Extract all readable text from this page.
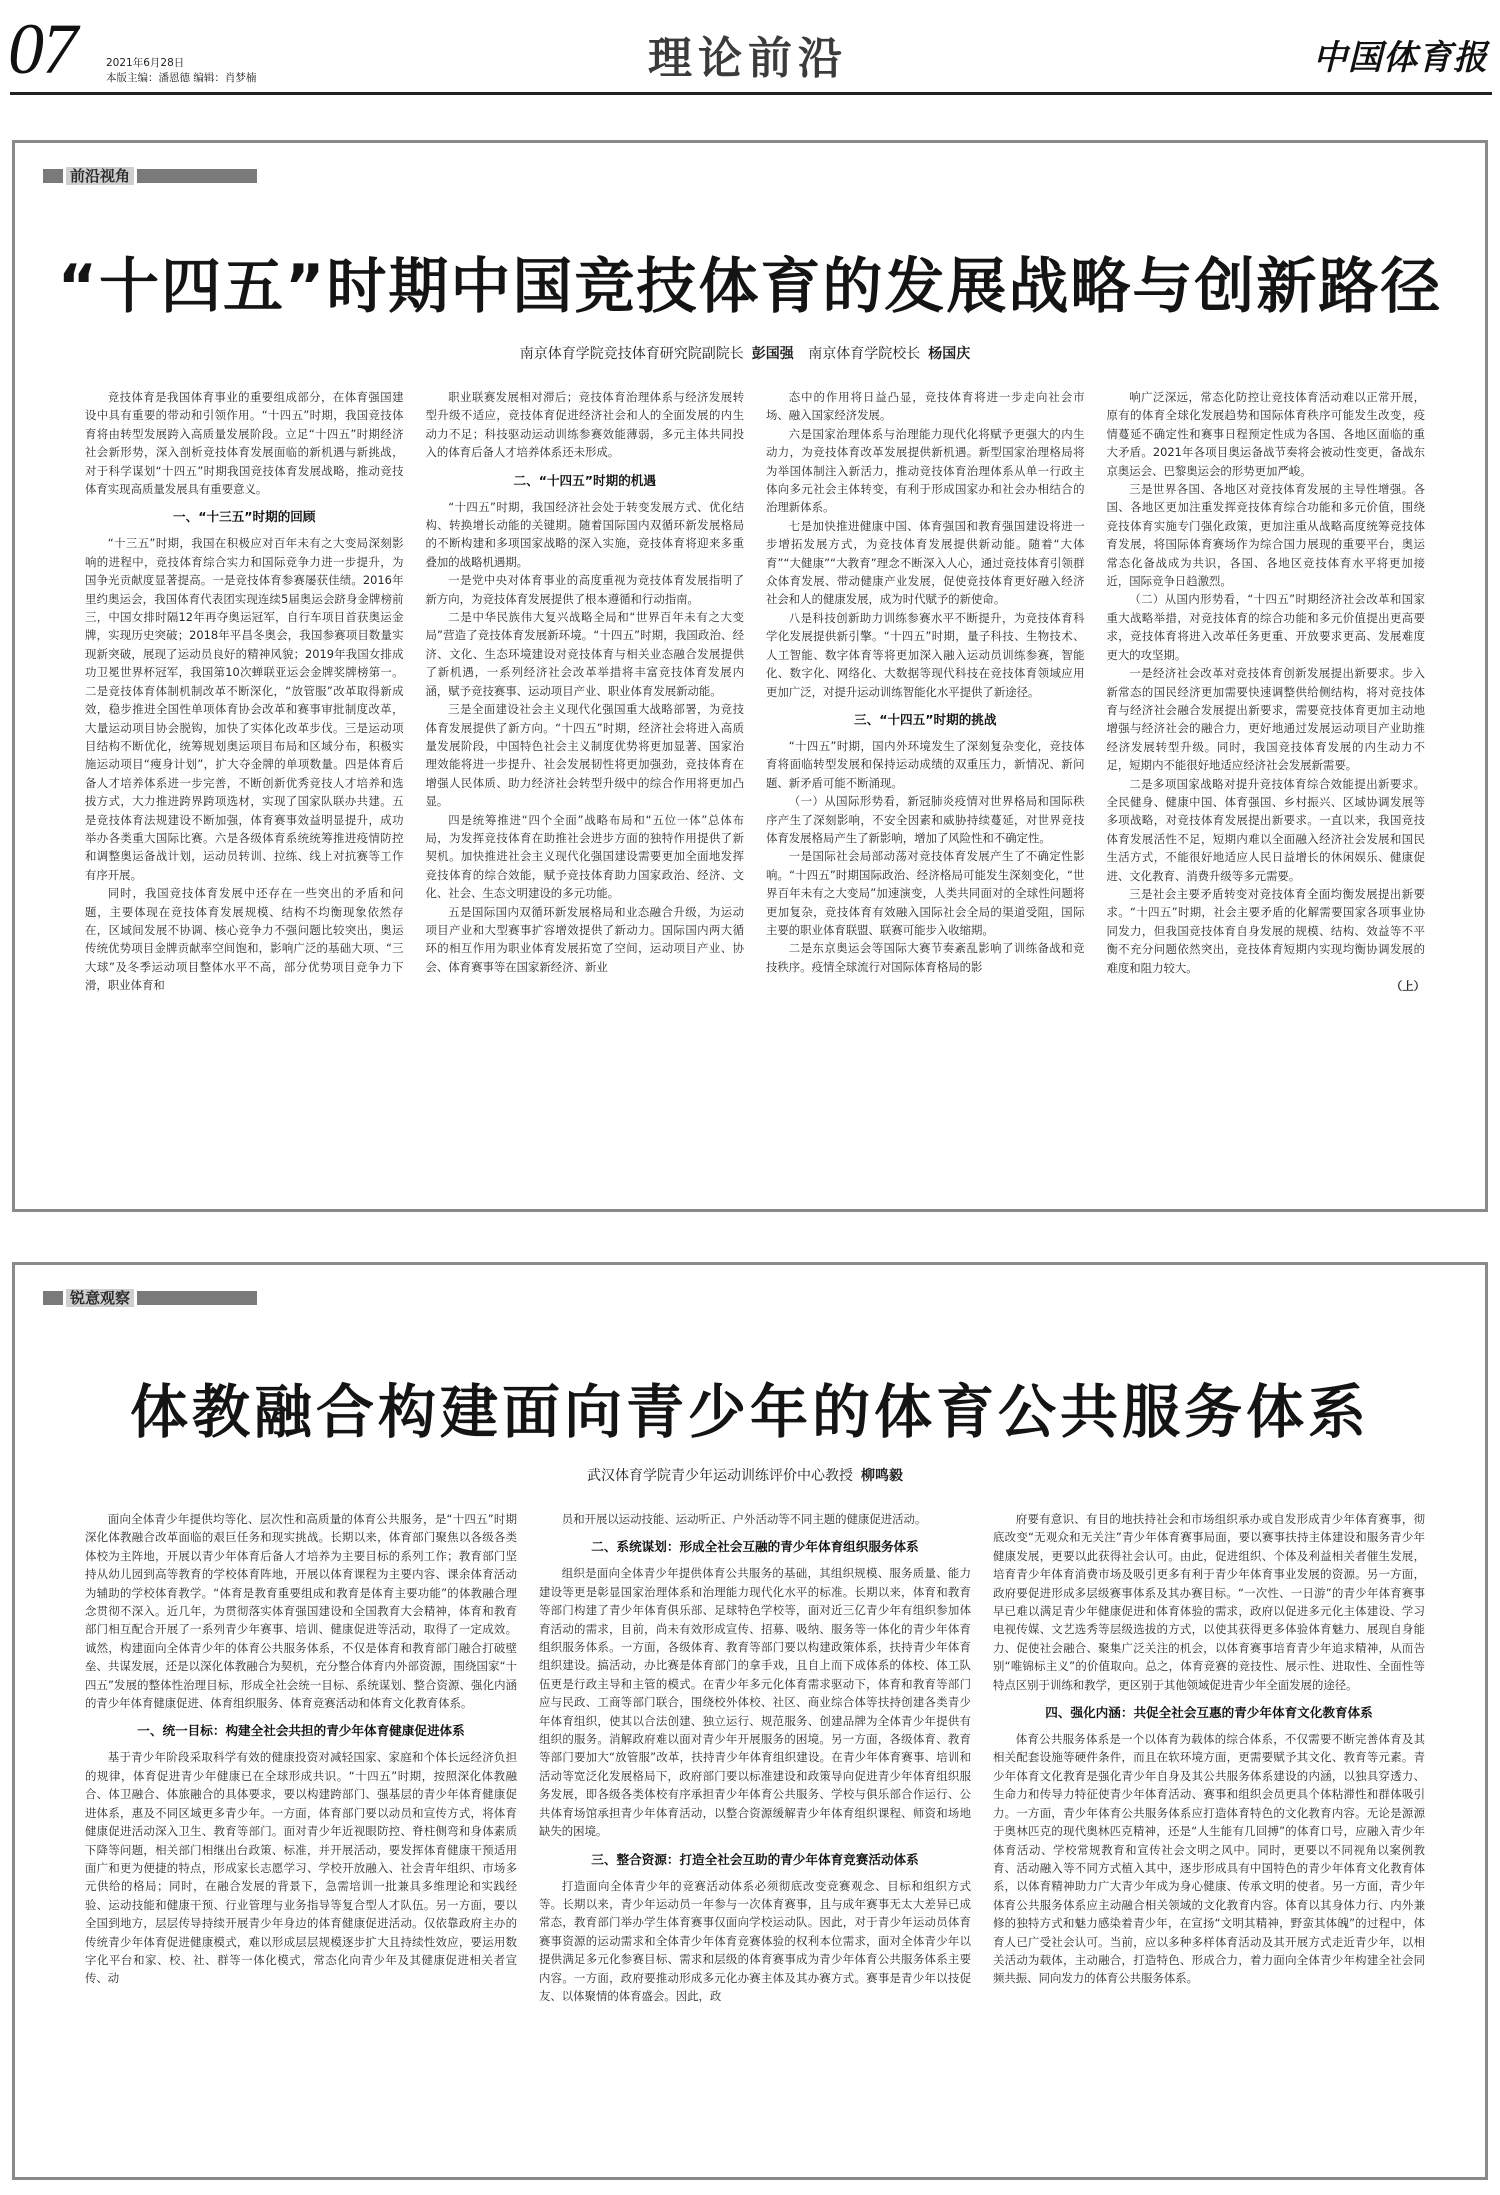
07	2021年6月28日
本版主编：潘恩德 编辑：肖梦楠	理论前沿	中国体育报
前沿视角
“十四五”时期中国竞技体育的发展战略与创新路径
南京体育学院竞技体育研究院副院长 彭国强 南京体育学院校长 杨国庆

竞技体育是我国体育事业的重要组成部分，在体育强国建设中具有重要的带动和引领作用。“十四五”时期，我国竞技体育将由转型发展跨入高质量发展阶段。立足“十四五”时期经济社会新形势，深入剖析竞技体育发展面临的新机遇与新挑战，对于科学谋划“十四五”时期我国竞技体育发展战略，推动竞技体育实现高质量发展具有重要意义。

一、“十三五”时期的回顾

“十三五”时期，我国在积极应对百年未有之大变局深刻影响的进程中，竞技体育综合实力和国际竞争力进一步提升，为国争光贡献度显著提高。一是竞技体育参赛屡获佳绩。2016年里约奥运会，我国体育代表团实现连续5届奥运会跻身金牌榜前三，中国女排时隔12年再夺奥运冠军，自行车项目首获奥运金牌，实现历史突破；2018年平昌冬奥会，我国参赛项目数量实现新突破，展现了运动员良好的精神风貌；2019年我国女排成功卫冕世界杯冠军，我国第10次蝉联亚运会金牌奖牌榜第一。二是竞技体育体制机制改革不断深化，“放管服”改革取得新成效，稳步推进全国性单项体育协会改革和赛事审批制度改革，大量运动项目协会脱钩，加快了实体化改革步伐。三是运动项目结构不断优化，统筹规划奥运项目布局和区域分布，积极实施运动项目“瘦身计划”，扩大夺金牌的单项数量。四是体育后备人才培养体系进一步完善，不断创新优秀竞技人才培养和选拔方式，大力推进跨界跨项选材，实现了国家队联办共建。五是竞技体育法规建设不断加强，体育赛事效益明显提升，成功举办各类重大国际比赛。六是各级体育系统统筹推进疫情防控和调整奥运备战计划，运动员转训、拉练、线上对抗赛等工作有序开展。

同时，我国竞技体育发展中还存在一些突出的矛盾和问题，主要体现在竞技体育发展规模、结构不均衡现象依然存在，区域间发展不协调、核心竞争力不强问题比较突出，奥运传统优势项目金牌贡献率空间饱和，影响广泛的基础大项、“三大球”及冬季运动项目整体水平不高，部分优势项目竞争力下滑，职业体育和

职业联赛发展相对滞后；竞技体育治理体系与经济发展转型升级不适应，竞技体育促进经济社会和人的全面发展的内生动力不足；科技驱动运动训练参赛效能薄弱，多元主体共同投入的体育后备人才培养体系还未形成。

二、“十四五”时期的机遇

“十四五”时期，我国经济社会处于转变发展方式、优化结构、转换增长动能的关键期。随着国际国内双循环新发展格局的不断构建和多项国家战略的深入实施，竞技体育将迎来多重叠加的战略机遇期。

一是党中央对体育事业的高度重视为竞技体育发展指明了新方向，为竞技体育发展提供了根本遵循和行动指南。

二是中华民族伟大复兴战略全局和“世界百年未有之大变局”营造了竞技体育发展新环境。“十四五”时期，我国政治、经济、文化、生态环境建设对竞技体育与相关业态融合发展提供了新机遇，一系列经济社会改革举措将丰富竞技体育发展内涵，赋予竞技赛事、运动项目产业、职业体育发展新动能。

三是全面建设社会主义现代化强国重大战略部署，为竞技体育发展提供了新方向。“十四五”时期，经济社会将进入高质量发展阶段，中国特色社会主义制度优势将更加显著、国家治理效能将进一步提升、社会发展韧性将更加强劲，竞技体育在增强人民体质、助力经济社会转型升级中的综合作用将更加凸显。

四是统筹推进“四个全面”战略布局和“五位一体”总体布局，为发挥竞技体育在助推社会进步方面的独特作用提供了新契机。加快推进社会主义现代化强国建设需要更加全面地发挥竞技体育的综合效能，赋予竞技体育助力国家政治、经济、文化、社会、生态文明建设的多元功能。

五是国际国内双循环新发展格局和业态融合升级，为运动项目产业和大型赛事扩容增效提供了新动力。国际国内两大循环的相互作用为职业体育发展拓宽了空间，运动项目产业、协会、体育赛事等在国家新经济、新业

态中的作用将日益凸显，竞技体育将进一步走向社会市场、融入国家经济发展。

六是国家治理体系与治理能力现代化将赋予更强大的内生动力，为竞技体育改革发展提供新机遇。新型国家治理格局将为举国体制注入新活力，推动竞技体育治理体系从单一行政主体向多元社会主体转变，有利于形成国家办和社会办相结合的治理新体系。

七是加快推进健康中国、体育强国和教育强国建设将进一步增拓发展方式，为竞技体育发展提供新动能。随着“大体育”“大健康”“大教育”理念不断深入人心，通过竞技体育引领群众体育发展、带动健康产业发展，促使竞技体育更好融入经济社会和人的健康发展，成为时代赋予的新使命。

八是科技创新助力训练参赛水平不断提升，为竞技体育科学化发展提供新引擎。“十四五”时期，量子科技、生物技术、人工智能、数字体育等将更加深入融入运动员训练参赛，智能化、数字化、网络化、大数据等现代科技在竞技体育领域应用更加广泛，对提升运动训练智能化水平提供了新途径。

三、“十四五”时期的挑战

“十四五”时期，国内外环境发生了深刻复杂变化，竞技体育将面临转型发展和保持运动成绩的双重压力，新情况、新问题、新矛盾可能不断涌现。

（一）从国际形势看，新冠肺炎疫情对世界格局和国际秩序产生了深刻影响，不安全因素和威胁持续蔓延，对世界竞技体育发展格局产生了新影响，增加了风险性和不确定性。

一是国际社会局部动荡对竞技体育发展产生了不确定性影响。“十四五”时期国际政治、经济格局可能发生深刻变化，“世界百年未有之大变局”加速演变，人类共同面对的全球性问题将更加复杂，竞技体育有效融入国际社会全局的渠道受阻，国际主要的职业体育联盟、联赛可能步入收缩期。

二是东京奥运会等国际大赛节奏紊乱影响了训练备战和竞技秩序。疫情全球流行对国际体育格局的影

响广泛深远，常态化防控让竞技体育活动难以正常开展，原有的体育全球化发展趋势和国际体育秩序可能发生改变，疫情蔓延不确定性和赛事日程预定性成为各国、各地区面临的重大矛盾。2021年各项目奥运备战节奏将会被动性变更，备战东京奥运会、巴黎奥运会的形势更加严峻。

三是世界各国、各地区对竞技体育发展的主导性增强。各国、各地区更加注重发挥竞技体育综合功能和多元价值，围绕竞技体育实施专门强化政策，更加注重从战略高度统筹竞技体育发展，将国际体育赛场作为综合国力展现的重要平台，奥运常态化备战成为共识，各国、各地区竞技体育水平将更加接近，国际竞争日趋激烈。

（二）从国内形势看，“十四五”时期经济社会改革和国家重大战略举措，对竞技体育的综合功能和多元价值提出更高要求，竞技体育将进入改革任务更重、开放要求更高、发展难度更大的攻坚期。

一是经济社会改革对竞技体育创新发展提出新要求。步入新常态的国民经济更加需要快速调整供给侧结构，将对竞技体育与经济社会融合发展提出新要求，需要竞技体育更加主动地增强与经济社会的融合力，更好地通过发展运动项目产业助推经济发展转型升级。同时，我国竞技体育发展的内生动力不足，短期内不能很好地适应经济社会发展新需要。

二是多项国家战略对提升竞技体育综合效能提出新要求。全民健身、健康中国、体育强国、乡村振兴、区域协调发展等多项战略，对竞技体育发展提出新要求。一直以来，我国竞技体育发展活性不足，短期内难以全面融入经济社会发展和国民生活方式，不能很好地适应人民日益增长的休闲娱乐、健康促进、文化教育、消费升级等多元需要。

三是社会主要矛盾转变对竞技体育全面均衡发展提出新要求。“十四五”时期，社会主要矛盾的化解需要国家各项事业协同发力，但我国竞技体育自身发展的规模、结构、效益等不平衡不充分问题依然突出，竞技体育短期内实现均衡协调发展的难度和阻力较大。

（上）

锐意观察
体教融合构建面向青少年的体育公共服务体系
武汉体育学院青少年运动训练评价中心教授 柳鸣毅

面向全体青少年提供均等化、层次性和高质量的体育公共服务，是“十四五”时期深化体教融合改革面临的艰巨任务和现实挑战。长期以来，体育部门聚焦以各级各类体校为主阵地，开展以青少年体育后备人才培养为主要目标的系列工作；教育部门坚持从幼儿园到高等教育的学校体育阵地，开展以体育课程为主要内容、课余体育活动为辅助的学校体育教学。“体育是教育重要组成和教育是体育主要功能”的体教融合理念贯彻不深入。近几年，为贯彻落实体育强国建设和全国教育大会精神，体育和教育部门相互配合开展了一系列青少年赛事、培训、健康促进等活动，取得了一定成效。诚然，构建面向全体青少年的体育公共服务体系，不仅是体育和教育部门融合打破壁垒、共谋发展，还是以深化体教融合为契机，充分整合体育内外部资源，围绕国家“十四五”发展的整体性治理目标，形成全社会统一目标、系统谋划、整合资源、强化内涵的青少年体育健康促进、体育组织服务、体育竞赛活动和体育文化教育体系。

一、统一目标：构建全社会共担的青少年体育健康促进体系

基于青少年阶段采取科学有效的健康投资对减轻国家、家庭和个体长远经济负担的规律，体育促进青少年健康已在全球形成共识。“十四五”时期，按照深化体教融合、体卫融合、体旅融合的具体要求，要以构建跨部门、强基层的青少年体育健康促进体系，惠及不同区域更多青少年。一方面，体育部门要以动员和宣传方式，将体育健康促进活动深入卫生、教育等部门。面对青少年近视眼防控、脊柱侧弯和身体素质下降等问题，相关部门相继出台政策、标准，并开展活动，要发挥体育健康干预适用面广和更为便捷的特点，形成家长志愿学习、学校开放融入、社会青年组织、市场多元供给的格局；同时，在融合发展的背景下，急需培训一批兼具多维理论和实践经验、运动技能和健康干预、行业管理与业务指导等复合型人才队伍。另一方面，要以全国到地方，层层传导持续开展青少年身边的体育健康促进活动。仅依靠政府主办的传统青少年体育促进健康模式，难以形成层层规模逐步扩大且持续性效应，要运用数字化平台和家、校、社、群等一体化模式，常态化向青少年及其健康促进相关者宣传、动

员和开展以运动技能、运动听正、户外活动等不同主题的健康促进活动。

二、系统谋划：形成全社会互融的青少年体育组织服务体系

组织是面向全体青少年提供体育公共服务的基础，其组织规模、服务质量、能力建设等更是彰显国家治理体系和治理能力现代化水平的标准。长期以来，体育和教育等部门构建了青少年体育俱乐部、足球特色学校等，面对近三亿青少年有组织参加体育活动的需求，目前，尚未有效形成宣传、招募、吸纳、服务等一体化的青少年体育组织服务体系。一方面，各级体育、教育等部门要以构建政策体系，扶持青少年体育组织建设。搞活动，办比赛是体育部门的拿手戏，且自上而下成体系的体校、体工队伍更是行政主导和主管的模式。在青少年多元化体育需求驱动下，体育和教育等部门应与民政、工商等部门联合，围绕校外体校、社区、商业综合体等扶持创建各类青少年体育组织，使其以合法创建、独立运行、规范服务、创建品牌为全体青少年提供有组织的服务。消解政府难以面对青少年开展服务的困境。另一方面，各级体育、教育等部门要加大“放管服”改革，扶持青少年体育组织建设。在青少年体育赛事、培训和活动等宽泛化发展格局下，政府部门要以标准建设和政策导向促进青少年体育组织服务发展，即各级各类体校有序承担青少年体育公共服务、学校与俱乐部合作运行、公共体育场馆承担青少年体育活动，以整合资源缓解青少年体育组织课程、师资和场地缺失的困境。

三、整合资源：打造全社会互助的青少年体育竞赛活动体系

打造面向全体青少年的竞赛活动体系必须彻底改变竞赛观念、目标和组织方式等。长期以来，青少年运动员一年参与一次体育赛事，且与成年赛事无太大差异已成常态，教育部门举办学生体育赛事仅面向学校运动队。因此，对于青少年运动员体育赛事资源的运动需求和全体青少年体育竞赛体验的权利本位需求，面对全体青少年以提供满足多元化参赛目标、需求和层级的体育赛事成为青少年体育公共服务体系主要内容。一方面，政府要推动形成多元化办赛主体及其办赛方式。赛事是青少年以技促友、以体聚情的体育盛会。因此，政

府要有意识、有目的地扶持社会和市场组织承办或自发形成青少年体育赛事，彻底改变“无观众和无关注”青少年体育赛事局面，要以赛事扶持主体建设和服务青少年健康发展，更要以此获得社会认可。由此，促进组织、个体及利益相关者催生发展，培育青少年体育消费市场及吸引更多有利于青少年体育事业发展的资源。另一方面，政府要促进形成多层级赛事体系及其办赛目标。“一次性、一日游”的青少年体育赛事早已难以满足青少年健康促进和体育体验的需求，政府以促进多元化主体建设、学习电视传媒、文艺选秀等层级选拔的方式，以使其获得更多体验体育魅力、展现自身能力、促使社会融合、聚集广泛关注的机会，以体育赛事培育青少年追求精神，从而告别“唯锦标主义”的价值取向。总之，体育竞赛的竞技性、展示性、进取性、全面性等特点区别于训练和教学，更区别于其他领域促进青少年全面发展的途径。

四、强化内涵：共促全社会互惠的青少年体育文化教育体系

体育公共服务体系是一个以体育为载体的综合体系，不仅需要不断完善体育及其相关配套设施等硬件条件，而且在软环境方面，更需要赋予其文化、教育等元素。青少年体育文化教育是强化青少年自身及其公共服务体系建设的内涵，以独具穿透力、生命力和传导力特征使青少年体育活动、赛事和组织会员更具个体粘滞性和群体吸引力。一方面，青少年体育公共服务体系应打造体育特色的文化教育内容。无论是源源于奥林匹克的现代奥林匹克精神，还是“人生能有几回搏”的体育口号，应融入青少年体育活动、学校常规教育和宣传社会文明之风中。同时，更要以不同视角以案例教育、活动融入等不同方式植入其中，逐步形成具有中国特色的青少年体育文化教育体系，以体育精神助力广大青少年成为身心健康、传承文明的使者。另一方面，青少年体育公共服务体系应主动融合相关领域的文化教育内容。体育以其身体力行、内外兼修的独特方式和魅力感染着青少年，在宣扬“文明其精神，野蛮其体魄”的过程中，体育人已广受社会认可。当前，应以多种多样体育活动及其开展方式走近青少年，以相关活动为载体，主动融合，打造特色、形成合力，着力面向全体青少年构建全社会同频共振、同向发力的体育公共服务体系。
